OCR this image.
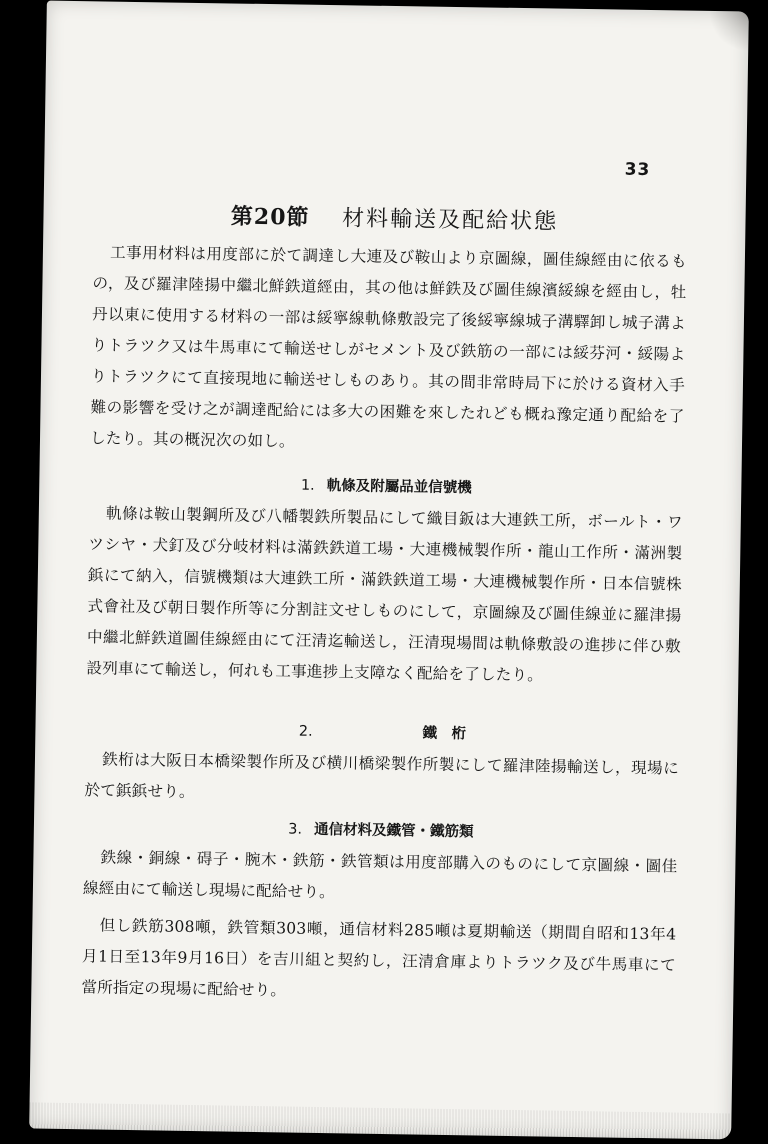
33
第20節 材料輸送及配給状態

工事用材料は用度部に於て調達し大連及び鞍山より京圖線，圖佳線經由に依るもの，及び羅津陸揚中繼北鮮鉄道經由，其の他は鮮鉄及び圖佳線濱綏線を經由し，牡丹以東に使用する材料の一部は綏寧線軌條敷設完了後綏寧線城子溝驛卸し城子溝よりトラツク又は牛馬車にて輸送せしがセメント及び鉄筋の一部には綏芬河・綏陽よりトラツクにて直接現地に輸送せしものあり。其の間非常時局下に於ける資材入手難の影響を受け之が調達配給には多大の困難を來したれども概ね豫定通り配給を了したり。其の概況次の如し。

1. 軌條及附屬品並信號機

軌條は鞍山製鋼所及び八幡製鉄所製品にして織目鈑は大連鉄工所，ボールト・ワツシヤ・犬釘及び分岐材料は滿鉄鉄道工場・大連機械製作所・龍山工作所・滿洲製鋲にて納入，信號機類は大連鉄工所・滿鉄鉄道工場・大連機械製作所・日本信號株式會社及び朝日製作所等に分割註文せしものにして，京圖線及び圖佳線並に羅津揚中繼北鮮鉄道圖佳線經由にて汪清迄輸送し，汪清現場間は軌條敷設の進捗に伴ひ敷設列車にて輸送し，何れも工事進捗上支障なく配給を了したり。

2.	鐵　桁

鉄桁は大阪日本橋梁製作所及び横川橋梁製作所製にして羅津陸揚輸送し，現場に於て鋲鋲せり。

3. 通信材料及鐵管・鐵筋類

鉄線・銅線・碍子・腕木・鉄筋・鉄管類は用度部購入のものにして京圖線・圖佳線經由にて輸送し現場に配給せり。

但し鉄筋308噸，鉄管類303噸，通信材料285噸は夏期輸送（期間自昭和13年4月1日至13年9月16日）を吉川組と契約し，汪清倉庫よりトラツク及び牛馬車にて當所指定の現場に配給せり。
